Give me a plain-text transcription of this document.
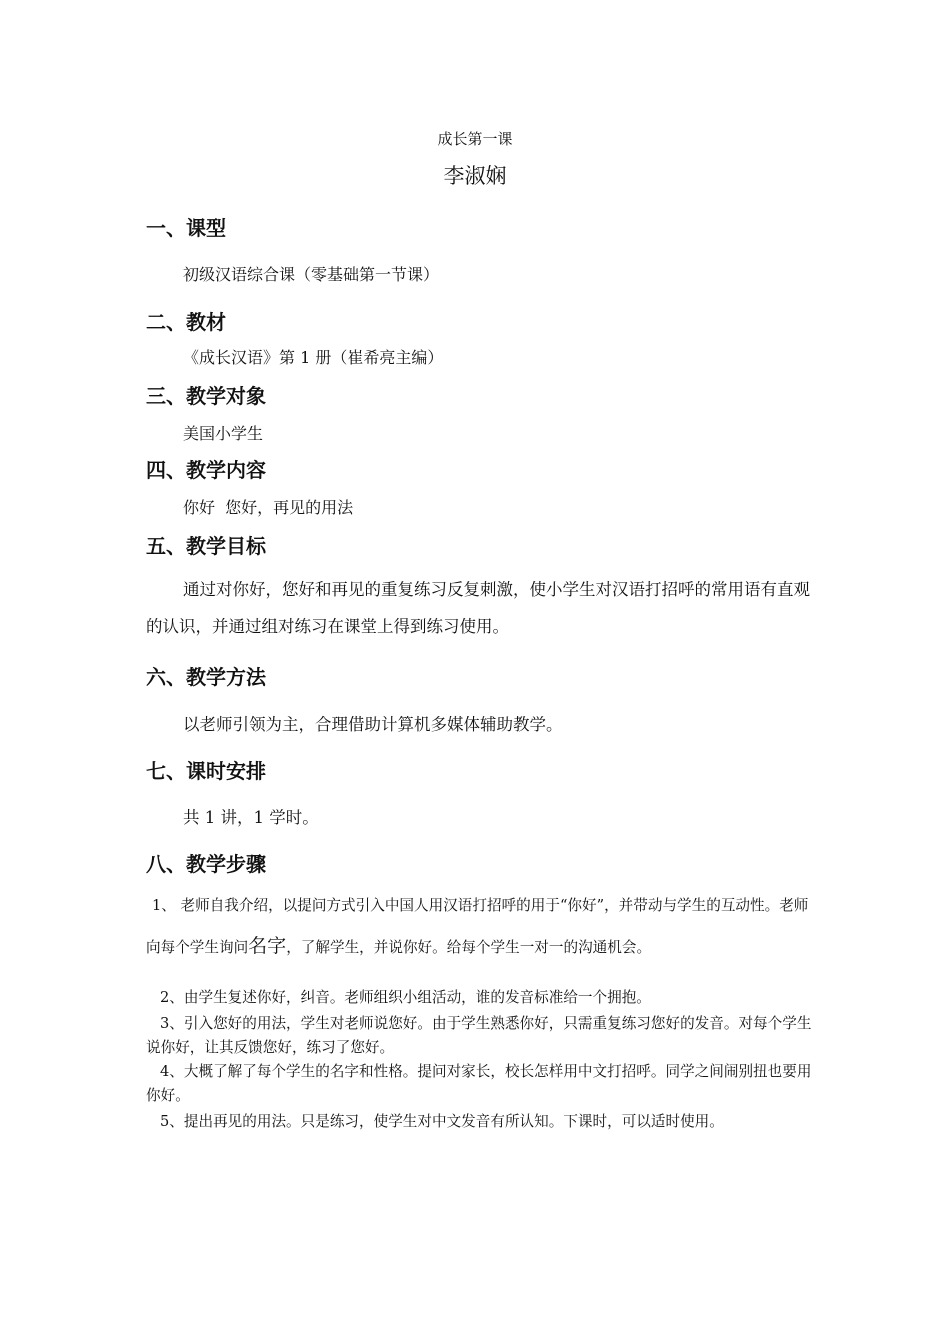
成长第一课
李淑娴
一、课型
初级汉语综合课（零基础第一节课）
二、教材
《成长汉语》第 1 册（崔希亮主编）
三、教学对象
美国小学生
四、教学内容
你好  您好，再见的用法
五、教学目标
通过对你好，您好和再见的重复练习反复刺激，使小学生对汉语打招呼的常用语有直观的认识，并通过组对练习在课堂上得到练习使用。
六、教学方法
以老师引领为主，合理借助计算机多媒体辅助教学。
七、课时安排
共 1 讲，1 学时。
八、教学步骤
1、 老师自我介绍，以提问方式引入中国人用汉语打招呼的用于“你好”，并带动与学生的互动性。老师向每个学生询问名字，了解学生，并说你好。给每个学生一对一的沟通机会。
2、由学生复述你好，纠音。老师组织小组活动，谁的发音标准给一个拥抱。
3、引入您好的用法，学生对老师说您好。由于学生熟悉你好，只需重复练习您好的发音。对每个学生说你好，让其反馈您好，练习了您好。
4、大概了解了每个学生的名字和性格。提问对家长，校长怎样用中文打招呼。同学之间闹别扭也要用你好。
5、提出再见的用法。只是练习，使学生对中文发音有所认知。下课时，可以适时使用。
